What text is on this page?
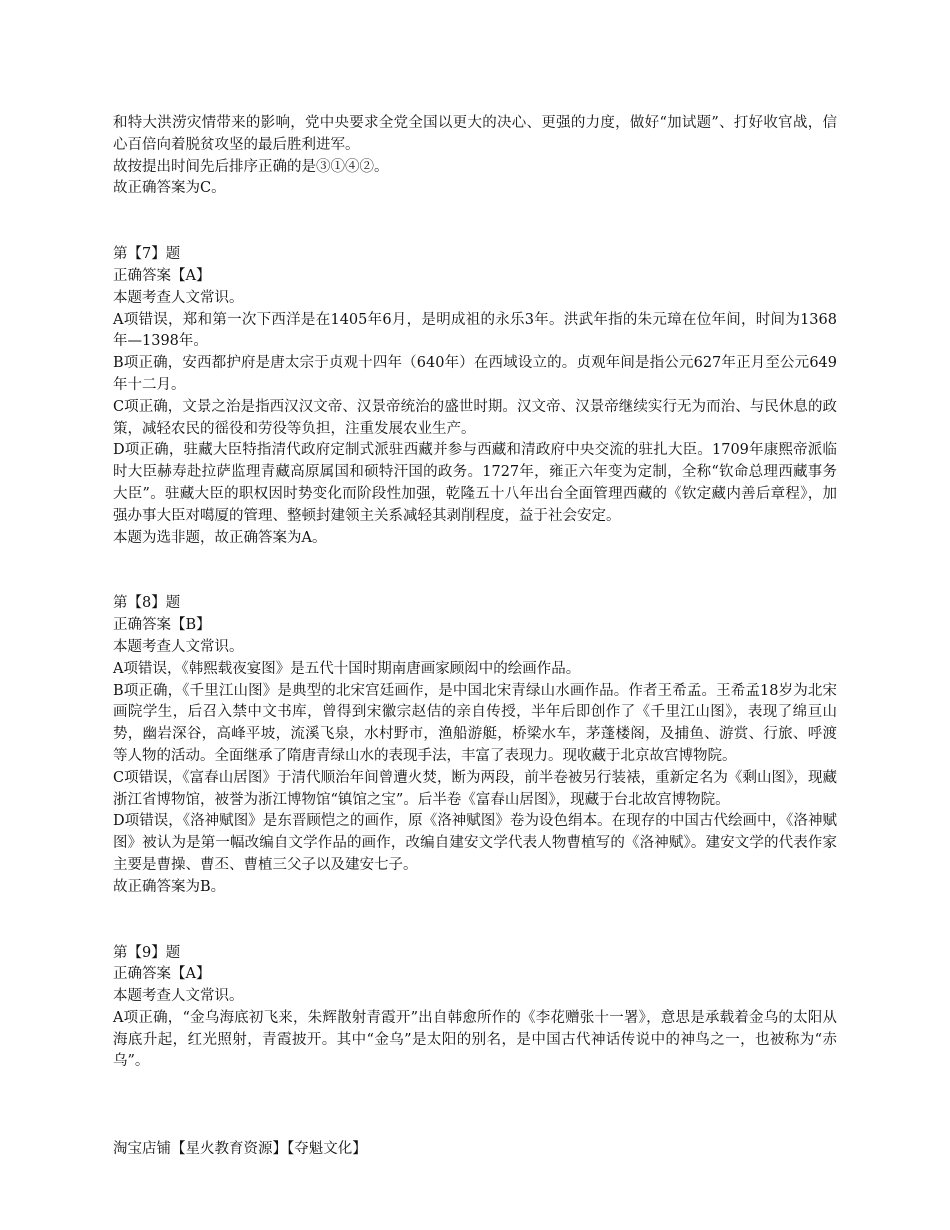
和特大洪涝灾情带来的影响，党中央要求全党全国以更大的决心、更强的力度，做好“加试题”、打好收官战，信心百倍向着脱贫攻坚的最后胜利进军。

故按提出时间先后排序正确的是③①④②。

故正确答案为C。

第【7】题

正确答案【A】

本题考查人文常识。

A项错误，郑和第一次下西洋是在1405年6月，是明成祖的永乐3年。洪武年指的朱元璋在位年间，时间为1368年—1398年。

B项正确，安西都护府是唐太宗于贞观十四年（640年）在西域设立的。贞观年间是指公元627年正月至公元649年十二月。

C项正确，文景之治是指西汉汉文帝、汉景帝统治的盛世时期。汉文帝、汉景帝继续实行无为而治、与民休息的政策，减轻农民的徭役和劳役等负担，注重发展农业生产。

D项正确，驻藏大臣特指清代政府定制式派驻西藏并参与西藏和清政府中央交流的驻扎大臣。1709年康熙帝派临时大臣赫寿赴拉萨监理青藏高原属国和硕特汗国的政务。1727年，雍正六年变为定制，全称“钦命总理西藏事务大臣”。驻藏大臣的职权因时势变化而阶段性加强，乾隆五十八年出台全面管理西藏的《钦定藏内善后章程》，加强办事大臣对噶厦的管理、整顿封建领主关系减轻其剥削程度，益于社会安定。

本题为选非题，故正确答案为A。

第【8】题

正确答案【B】

本题考查人文常识。

A项错误，《韩熙载夜宴图》是五代十国时期南唐画家顾闳中的绘画作品。

B项正确，《千里江山图》是典型的北宋宫廷画作，是中国北宋青绿山水画作品。作者王希孟。王希孟18岁为北宋画院学生，后召入禁中文书库，曾得到宋徽宗赵佶的亲自传授，半年后即创作了《千里江山图》，表现了绵亘山势，幽岩深谷，高峰平坡，流溪飞泉，水村野市，渔船游艇，桥梁水车，茅蓬楼阁，及捕鱼、游赏、行旅、呼渡等人物的活动。全面继承了隋唐青绿山水的表现手法，丰富了表现力。现收藏于北京故宫博物院。

C项错误，《富春山居图》于清代顺治年间曾遭火焚，断为两段，前半卷被另行装裱，重新定名为《剩山图》，现藏浙江省博物馆，被誉为浙江博物馆“镇馆之宝”。后半卷《富春山居图》，现藏于台北故宫博物院。

D项错误，《洛神赋图》是东晋顾恺之的画作，原《洛神赋图》卷为设色绢本。在现存的中国古代绘画中，《洛神赋图》被认为是第一幅改编自文学作品的画作，改编自建安文学代表人物曹植写的《洛神赋》。建安文学的代表作家主要是曹操、曹丕、曹植三父子以及建安七子。

故正确答案为B。

第【9】题

正确答案【A】

本题考查人文常识。

A项正确，“金乌海底初飞来，朱辉散射青霞开”出自韩愈所作的《李花赠张十一署》，意思是承载着金乌的太阳从海底升起，红光照射，青霞披开。其中“金乌”是太阳的别名，是中国古代神话传说中的神鸟之一，也被称为“赤乌”。

淘宝店铺【星火教育资源】【夺魁文化】
